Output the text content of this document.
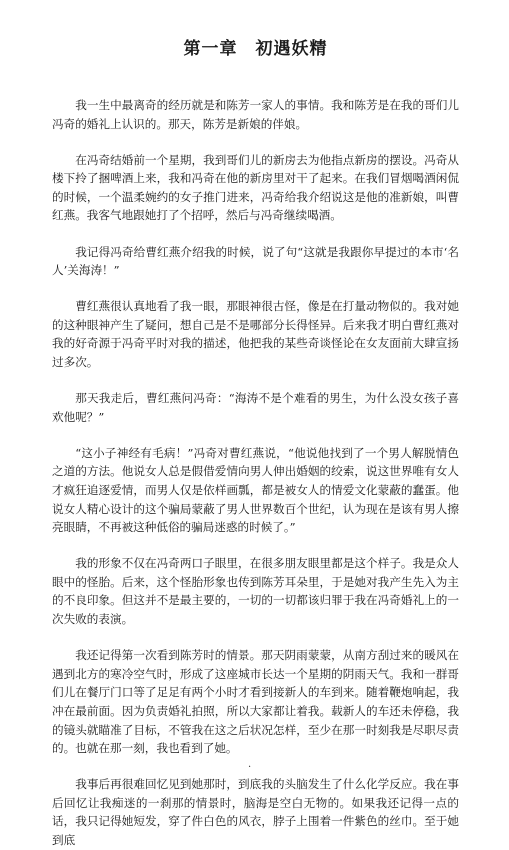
第一章　初遇妖精

我一生中最离奇的经历就是和陈芳一家人的事情。我和陈芳是在我的哥们儿冯奇的婚礼上认识的。那天，陈芳是新娘的伴娘。

在冯奇结婚前一个星期，我到哥们儿的新房去为他指点新房的摆设。冯奇从楼下拎了捆啤酒上来，我和冯奇在他的新房里对干了起来。在我们冒烟喝酒闲侃的时候，一个温柔婉约的女子推门进来，冯奇给我介绍说这是他的准新娘，叫曹红燕。我客气地跟她打了个招呼，然后与冯奇继续喝酒。

我记得冯奇给曹红燕介绍我的时候，说了句“这就是我跟你早提过的本市‘名人’关海涛！”

曹红燕很认真地看了我一眼，那眼神很古怪，像是在打量动物似的。我对她的这种眼神产生了疑问，想自己是不是哪部分长得怪异。后来我才明白曹红燕对我的好奇源于冯奇平时对我的描述，他把我的某些奇谈怪论在女友面前大肆宣扬过多次。

那天我走后，曹红燕问冯奇：“海涛不是个难看的男生，为什么没女孩子喜欢他呢？”

“这小子神经有毛病！”冯奇对曹红燕说，“他说他找到了一个男人解脱情色之道的方法。他说女人总是假借爱情向男人伸出婚姻的绞索，说这世界唯有女人才疯狂追逐爱情，而男人仅是依样画瓢，都是被女人的情爱文化蒙蔽的蠢蛋。他说女人精心设计的这个骗局蒙蔽了男人世界数百个世纪，认为现在是该有男人擦亮眼睛，不再被这种低俗的骗局迷惑的时候了。”

我的形象不仅在冯奇两口子眼里，在很多朋友眼里都是这个样子。我是众人眼中的怪胎。后来，这个怪胎形象也传到陈芳耳朵里，于是她对我产生先入为主的不良印象。但这并不是最主要的，一切的一切都该归罪于我在冯奇婚礼上的一次失败的表演。

我还记得第一次看到陈芳时的情景。那天阴雨蒙蒙，从南方刮过来的暖风在遇到北方的寒冷空气时，形成了这座城市长达一个星期的阴雨天气。我和一群哥们儿在餐厅门口等了足足有两个小时才看到接新人的车到来。随着鞭炮响起，我冲在最前面。因为负责婚礼拍照，所以大家都让着我。载新人的车还未停稳，我的镜头就瞄准了目标，不管我在这之后状况怎样，至少在那一时刻我是尽职尽责的。也就在那一刻，我也看到了她。

我事后再很难回忆见到她那时，到底我的头脑发生了什么化学反应。我在事后回忆让我痴迷的一刹那的情景时，脑海是空白无物的。如果我还记得一点的话，我只记得她短发，穿了件白色的风衣，脖子上围着一件紫色的丝巾。至于她到底

.
